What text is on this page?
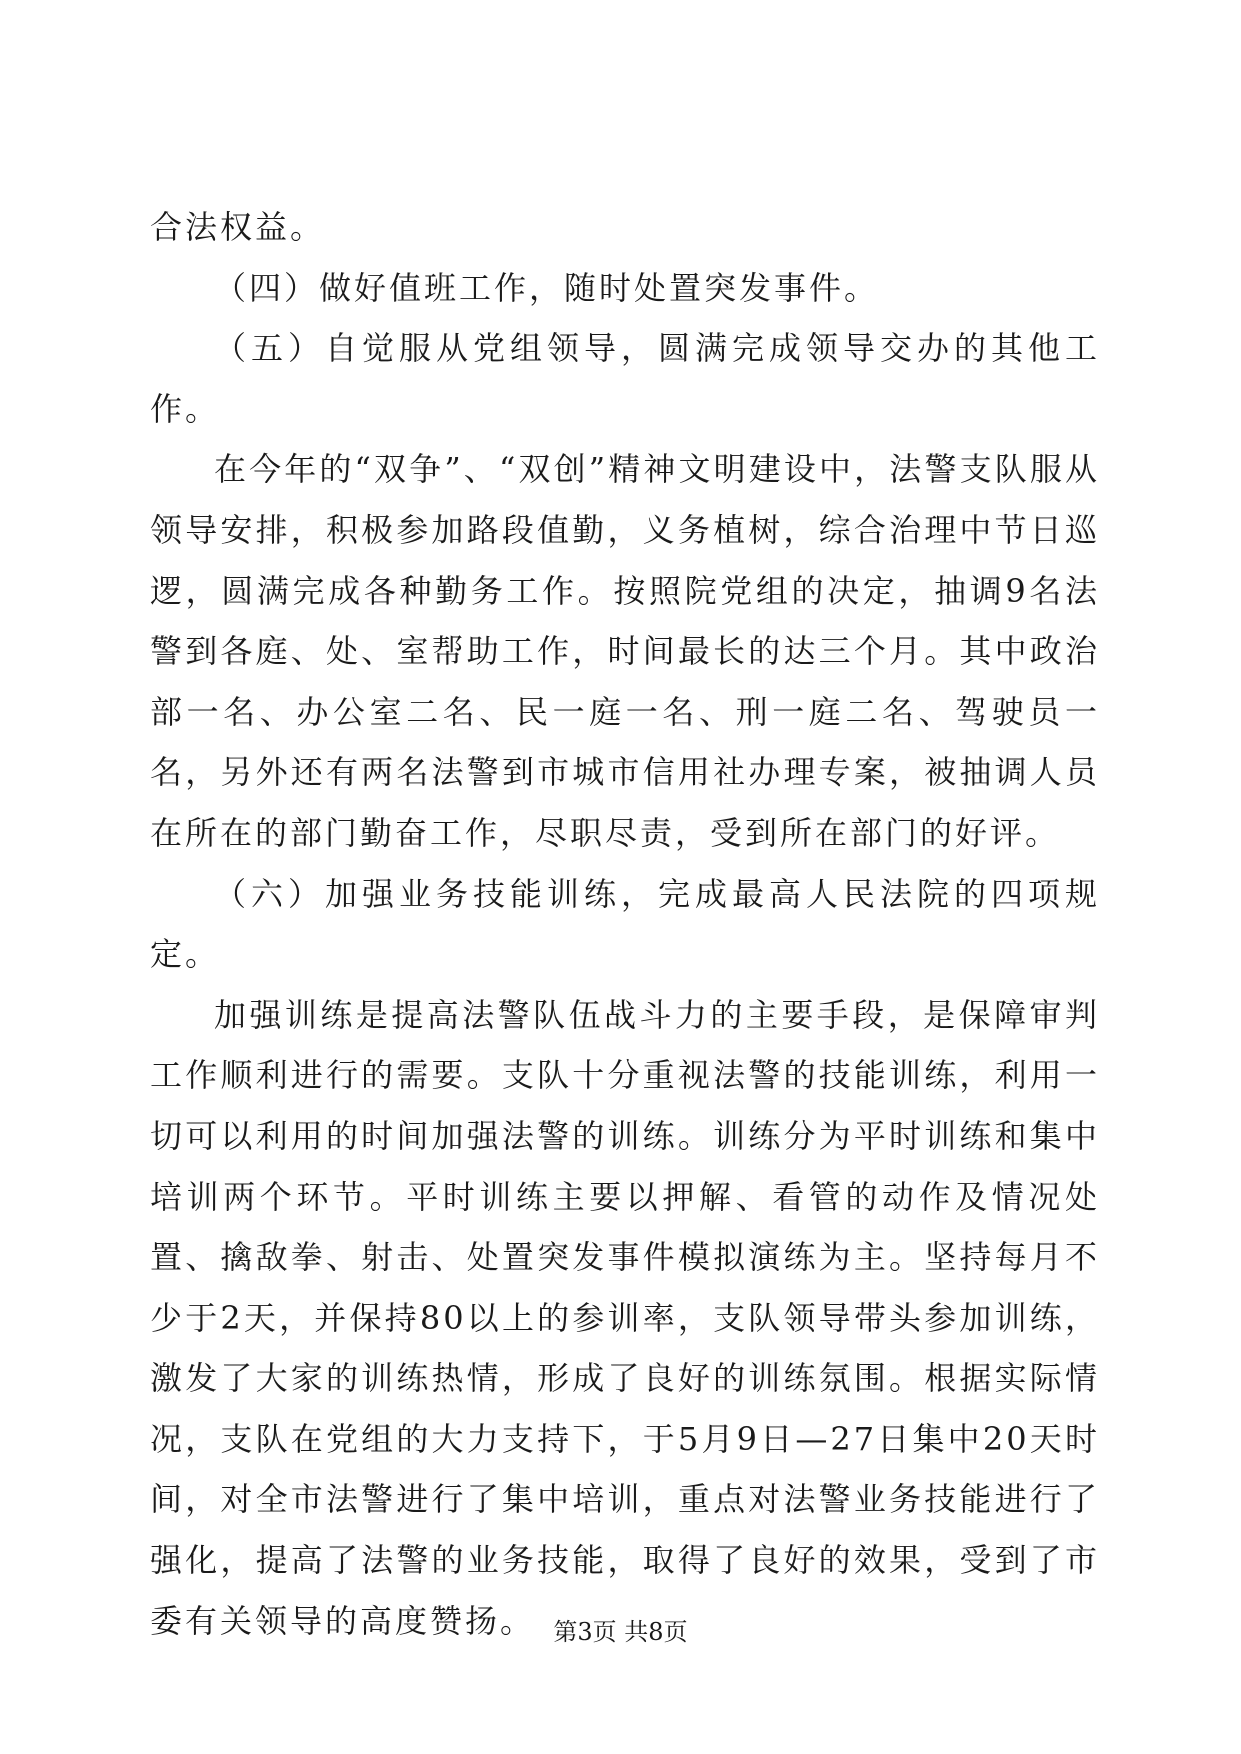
合法权益。

（四）做好值班工作，随时处置突发事件。

（五）自觉服从党组领导，圆满完成领导交办的其他工作。

在今年的“双争”、“双创”精神文明建设中，法警支队服从领导安排，积极参加路段值勤，义务植树，综合治理中节日巡逻，圆满完成各种勤务工作。按照院党组的决定，抽调9名法警到各庭、处、室帮助工作，时间最长的达三个月。其中政治部一名、办公室二名、民一庭一名、刑一庭二名、驾驶员一名，另外还有两名法警到市城市信用社办理专案，被抽调人员在所在的部门勤奋工作，尽职尽责，受到所在部门的好评。

（六）加强业务技能训练，完成最高人民法院的四项规定。

加强训练是提高法警队伍战斗力的主要手段，是保障审判工作顺利进行的需要。支队十分重视法警的技能训练，利用一切可以利用的时间加强法警的训练。训练分为平时训练和集中培训两个环节。平时训练主要以押解、看管的动作及情况处置、擒敌拳、射击、处置突发事件模拟演练为主。坚持每月不少于2天，并保持80以上的参训率，支队领导带头参加训练，激发了大家的训练热情，形成了良好的训练氛围。根据实际情况，支队在党组的大力支持下，于5月9日—27日集中20天时间，对全市法警进行了集中培训，重点对法警业务技能进行了强化，提高了法警的业务技能，取得了良好的效果，受到了市委有关领导的高度赞扬。 第3页 共8页
